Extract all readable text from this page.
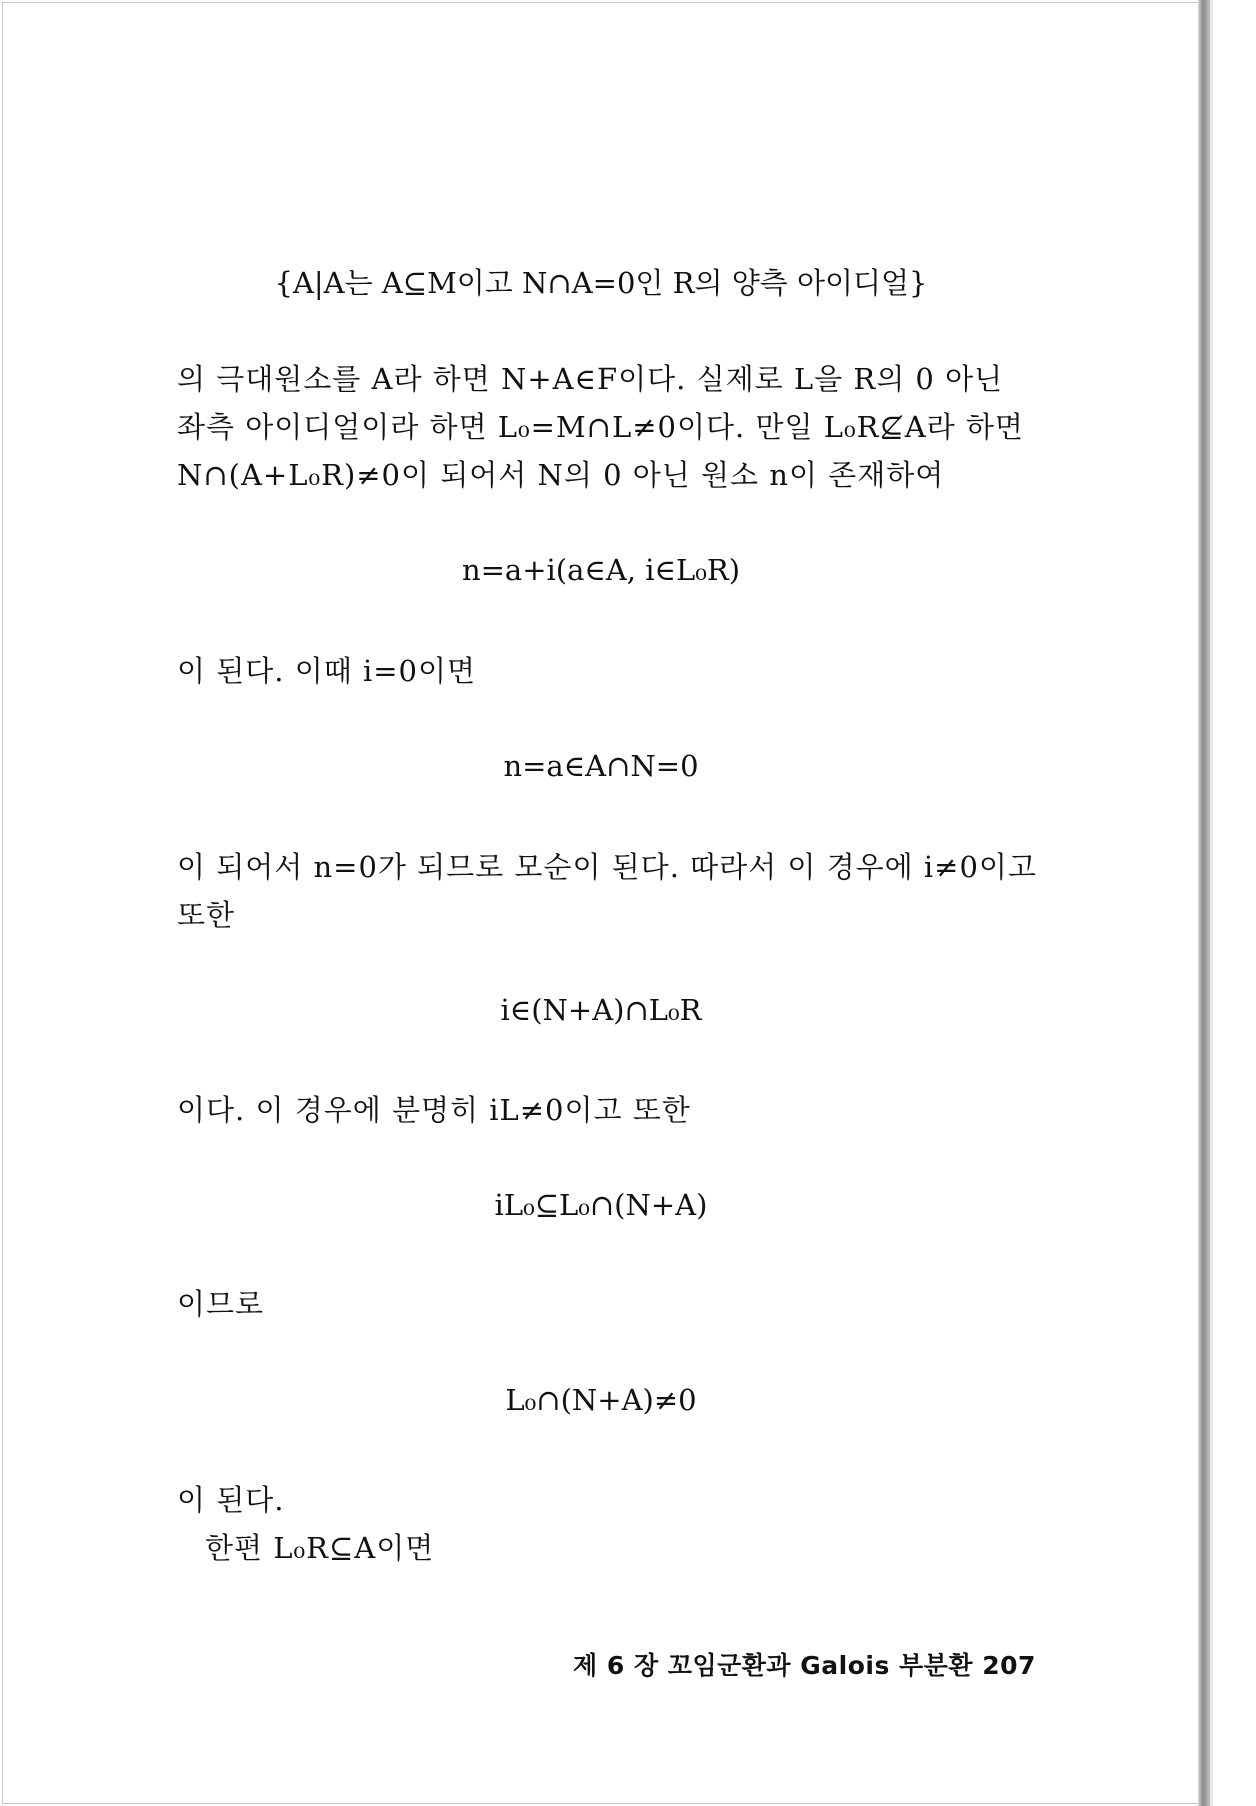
{A|A는 A⊆M이고 N∩A=0인 R의 양측 아이디얼}
의 극대원소를 A라 하면 N+A∈F이다. 실제로 L을 R의 0 아닌
좌측 아이디얼이라 하면 L₀=M∩L≠0이다. 만일 L₀R⊈A라 하면
N∩(A+L₀R)≠0이 되어서 N의 0 아닌 원소 n이 존재하여
n=a+i(a∈A, i∈L₀R)
이 된다. 이때 i=0이면
n=a∈A∩N=0
이 되어서 n=0가 되므로 모순이 된다. 따라서 이 경우에 i≠0이고
또한
i∈(N+A)∩L₀R
이다. 이 경우에 분명히 iL≠0이고 또한
iL₀⊆L₀∩(N+A)
이므로
L₀∩(N+A)≠0
이 된다.
한편 L₀R⊆A이면
제 6 장 꼬임군환과 Galois 부분환 207
